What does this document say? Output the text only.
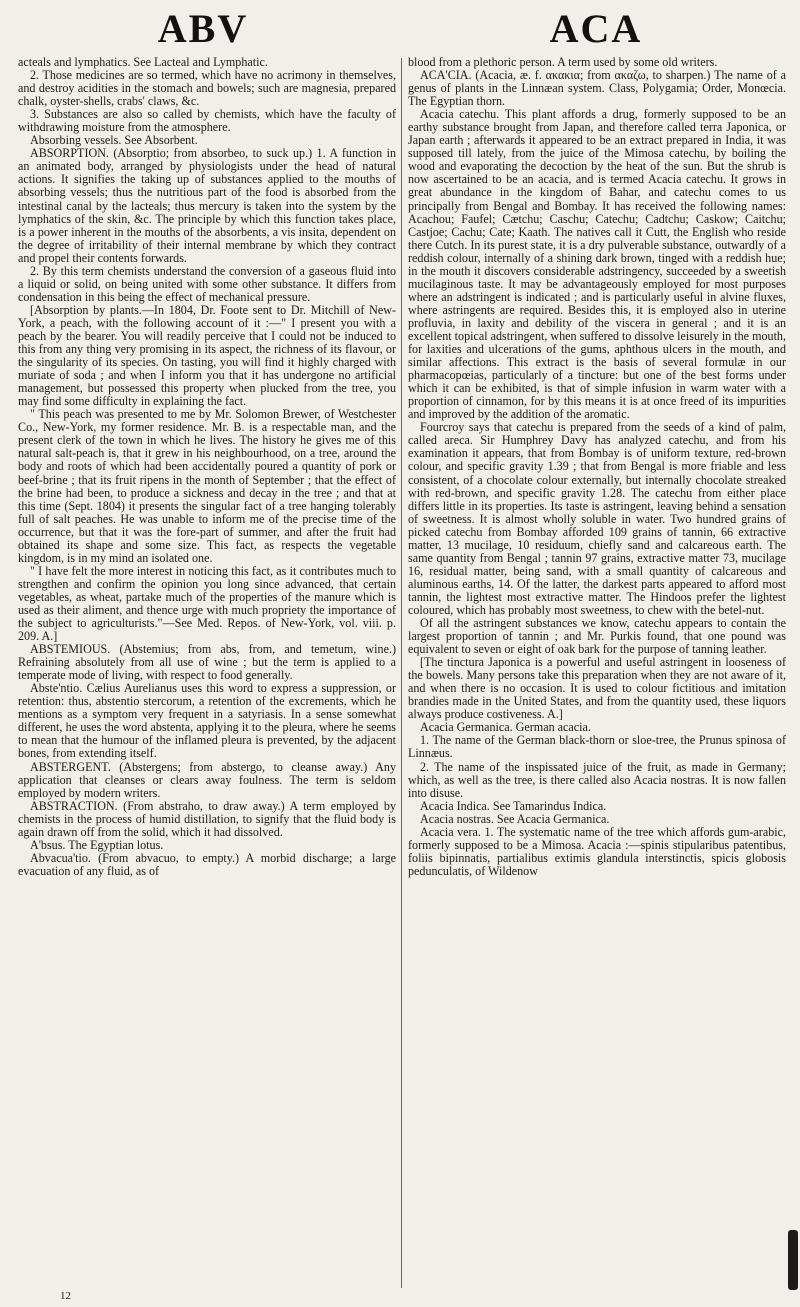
ABV	ACA

acteals and lymphatics. See Lacteal and Lymphatic.

2. Those medicines are so termed, which have no acrimony in themselves, and destroy acidities in the stomach and bowels; such are magnesia, prepared chalk, oyster-shells, crabs' claws, &c.

3. Substances are also so called by chemists, which have the faculty of withdrawing moisture from the atmosphere.

Absorbing vessels. See Absorbent.

ABSORPTION. (Absorptio; from absorbeo, to suck up.) 1. A function in an animated body, arranged by physiologists under the head of natural actions. It signifies the taking up of substances applied to the mouths of absorbing vessels; thus the nutritious part of the food is absorbed from the intestinal canal by the lacteals; thus mercury is taken into the system by the lymphatics of the skin, &c. The principle by which this function takes place, is a power inherent in the mouths of the absorbents, a vis insita, dependent on the degree of irritability of their internal membrane by which they contract and propel their contents forwards.

2. By this term chemists understand the conversion of a gaseous fluid into a liquid or solid, on being united with some other substance. It differs from condensation in this being the effect of mechanical pressure.

[Absorption by plants.—In 1804, Dr. Foote sent to Dr. Mitchill of New-York, a peach, with the following account of it :—" I present you with a peach by the bearer. You will readily perceive that I could not be induced to this from any thing very promising in its aspect, the richness of its flavour, or the singularity of its species. On tasting, you will find it highly charged with muriate of soda ; and when I inform you that it has undergone no artificial management, but possessed this property when plucked from the tree, you may find some difficulty in explaining the fact.

" This peach was presented to me by Mr. Solomon Brewer, of Westchester Co., New-York, my former residence. Mr. B. is a respectable man, and the present clerk of the town in which he lives. The history he gives me of this natural salt-peach is, that it grew in his neighbourhood, on a tree, around the body and roots of which had been accidentally poured a quantity of pork or beef-brine ; that its fruit ripens in the month of September ; that the effect of the brine had been, to produce a sickness and decay in the tree ; and that at this time (Sept. 1804) it presents the singular fact of a tree hanging tolerably full of salt peaches. He was unable to inform me of the precise time of the occurrence, but that it was the fore-part of summer, and after the fruit had obtained its shape and some size. This fact, as respects the vegetable kingdom, is in my mind an isolated one.

" I have felt the more interest in noticing this fact, as it contributes much to strengthen and confirm the opinion you long since advanced, that certain vegetables, as wheat, partake much of the properties of the manure which is used as their aliment, and thence urge with much propriety the importance of the subject to agriculturists."—See Med. Repos. of New-York, vol. viii. p. 209. A.]

ABSTEMIOUS. (Abstemius; from abs, from, and temetum, wine.) Refraining absolutely from all use of wine ; but the term is applied to a temperate mode of living, with respect to food generally.

Abste'ntio. Cælius Aurelianus uses this word to express a suppression, or retention: thus, abstentio stercorum, a retention of the excrements, which he mentions as a symptom very frequent in a satyriasis. In a sense somewhat different, he uses the word abstenta, applying it to the pleura, where he seems to mean that the humour of the inflamed pleura is prevented, by the adjacent bones, from extending itself.

ABSTERGENT. (Abstergens; from abstergo, to cleanse away.) Any application that cleanses or clears away foulness. The term is seldom employed by modern writers.

ABSTRACTION. (From abstraho, to draw away.) A term employed by chemists in the process of humid distillation, to signify that the fluid body is again drawn off from the solid, which it had dissolved.

A'bsus. The Egyptian lotus.

Abvacua'tio. (From abvacuo, to empty.) A morbid discharge; a large evacuation of any fluid, as of

blood from a plethoric person. A term used by some old writers.

ACA'CIA. (Acacia, æ. f. ακακια; from ακαζω, to sharpen.) The name of a genus of plants in the Linnæan system. Class, Polygamia; Order, Monœcia. The Egyptian thorn.

Acacia catechu. This plant affords a drug, formerly supposed to be an earthy substance brought from Japan, and therefore called terra Japonica, or Japan earth ; afterwards it appeared to be an extract prepared in India, it was supposed till lately, from the juice of the Mimosa catechu, by boiling the wood and evaporating the decoction by the heat of the sun. But the shrub is now ascertained to be an acacia, and is termed Acacia catechu. It grows in great abundance in the kingdom of Bahar, and catechu comes to us principally from Bengal and Bombay. It has received the following names: Acachou; Faufel; Cætchu; Caschu; Catechu; Cadtchu; Caskow; Caitchu; Castjoe; Cachu; Cate; Kaath. The natives call it Cutt, the English who reside there Cutch. In its purest state, it is a dry pulverable substance, outwardly of a reddish colour, internally of a shining dark brown, tinged with a reddish hue; in the mouth it discovers considerable adstringency, succeeded by a sweetish mucilaginous taste. It may be advantageously employed for most purposes where an adstringent is indicated ; and is particularly useful in alvine fluxes, where astringents are required. Besides this, it is employed also in uterine profluvia, in laxity and debility of the viscera in general ; and it is an excellent topical adstringent, when suffered to dissolve leisurely in the mouth, for laxities and ulcerations of the gums, aphthous ulcers in the mouth, and similar affections. This extract is the basis of several formulæ in our pharmacopœias, particularly of a tincture: but one of the best forms under which it can be exhibited, is that of simple infusion in warm water with a proportion of cinnamon, for by this means it is at once freed of its impurities and improved by the addition of the aromatic.

Fourcroy says that catechu is prepared from the seeds of a kind of palm, called areca. Sir Humphrey Davy has analyzed catechu, and from his examination it appears, that from Bombay is of uniform texture, red-brown colour, and specific gravity 1.39 ; that from Bengal is more friable and less consistent, of a chocolate colour externally, but internally chocolate streaked with red-brown, and specific gravity 1.28. The catechu from either place differs little in its properties. Its taste is astringent, leaving behind a sensation of sweetness. It is almost wholly soluble in water. Two hundred grains of picked catechu from Bombay afforded 109 grains of tannin, 66 extractive matter, 13 mucilage, 10 residuum, chiefly sand and calcareous earth. The same quantity from Bengal ; tannin 97 grains, extractive matter 73, mucilage 16, residual matter, being sand, with a small quantity of calcareous and aluminous earths, 14. Of the latter, the darkest parts appeared to afford most tannin, the lightest most extractive matter. The Hindoos prefer the lightest coloured, which has probably most sweetness, to chew with the betel-nut.

Of all the astringent substances we know, catechu appears to contain the largest proportion of tannin ; and Mr. Purkis found, that one pound was equivalent to seven or eight of oak bark for the purpose of tanning leather.

[The tinctura Japonica is a powerful and useful astringent in looseness of the bowels. Many persons take this preparation when they are not aware of it, and when there is no occasion. It is used to colour fictitious and imitation brandies made in the United States, and from the quantity used, these liquors always produce costiveness. A.]

Acacia Germanica. German acacia.

1. The name of the German black-thorn or sloe-tree, the Prunus spinosa of Linnæus.

2. The name of the inspissated juice of the fruit, as made in Germany; which, as well as the tree, is there called also Acacia nostras. It is now fallen into disuse.

Acacia Indica. See Tamarindus Indica.

Acacia nostras. See Acacia Germanica.

Acacia vera. 1. The systematic name of the tree which affords gum-arabic, formerly supposed to be a Mimosa. Acacia :—spinis stipularibus patentibus, foliis bipinnatis, partialibus extimis glandula interstinctis, spicis globosis pedunculatis, of Wildenow

12
